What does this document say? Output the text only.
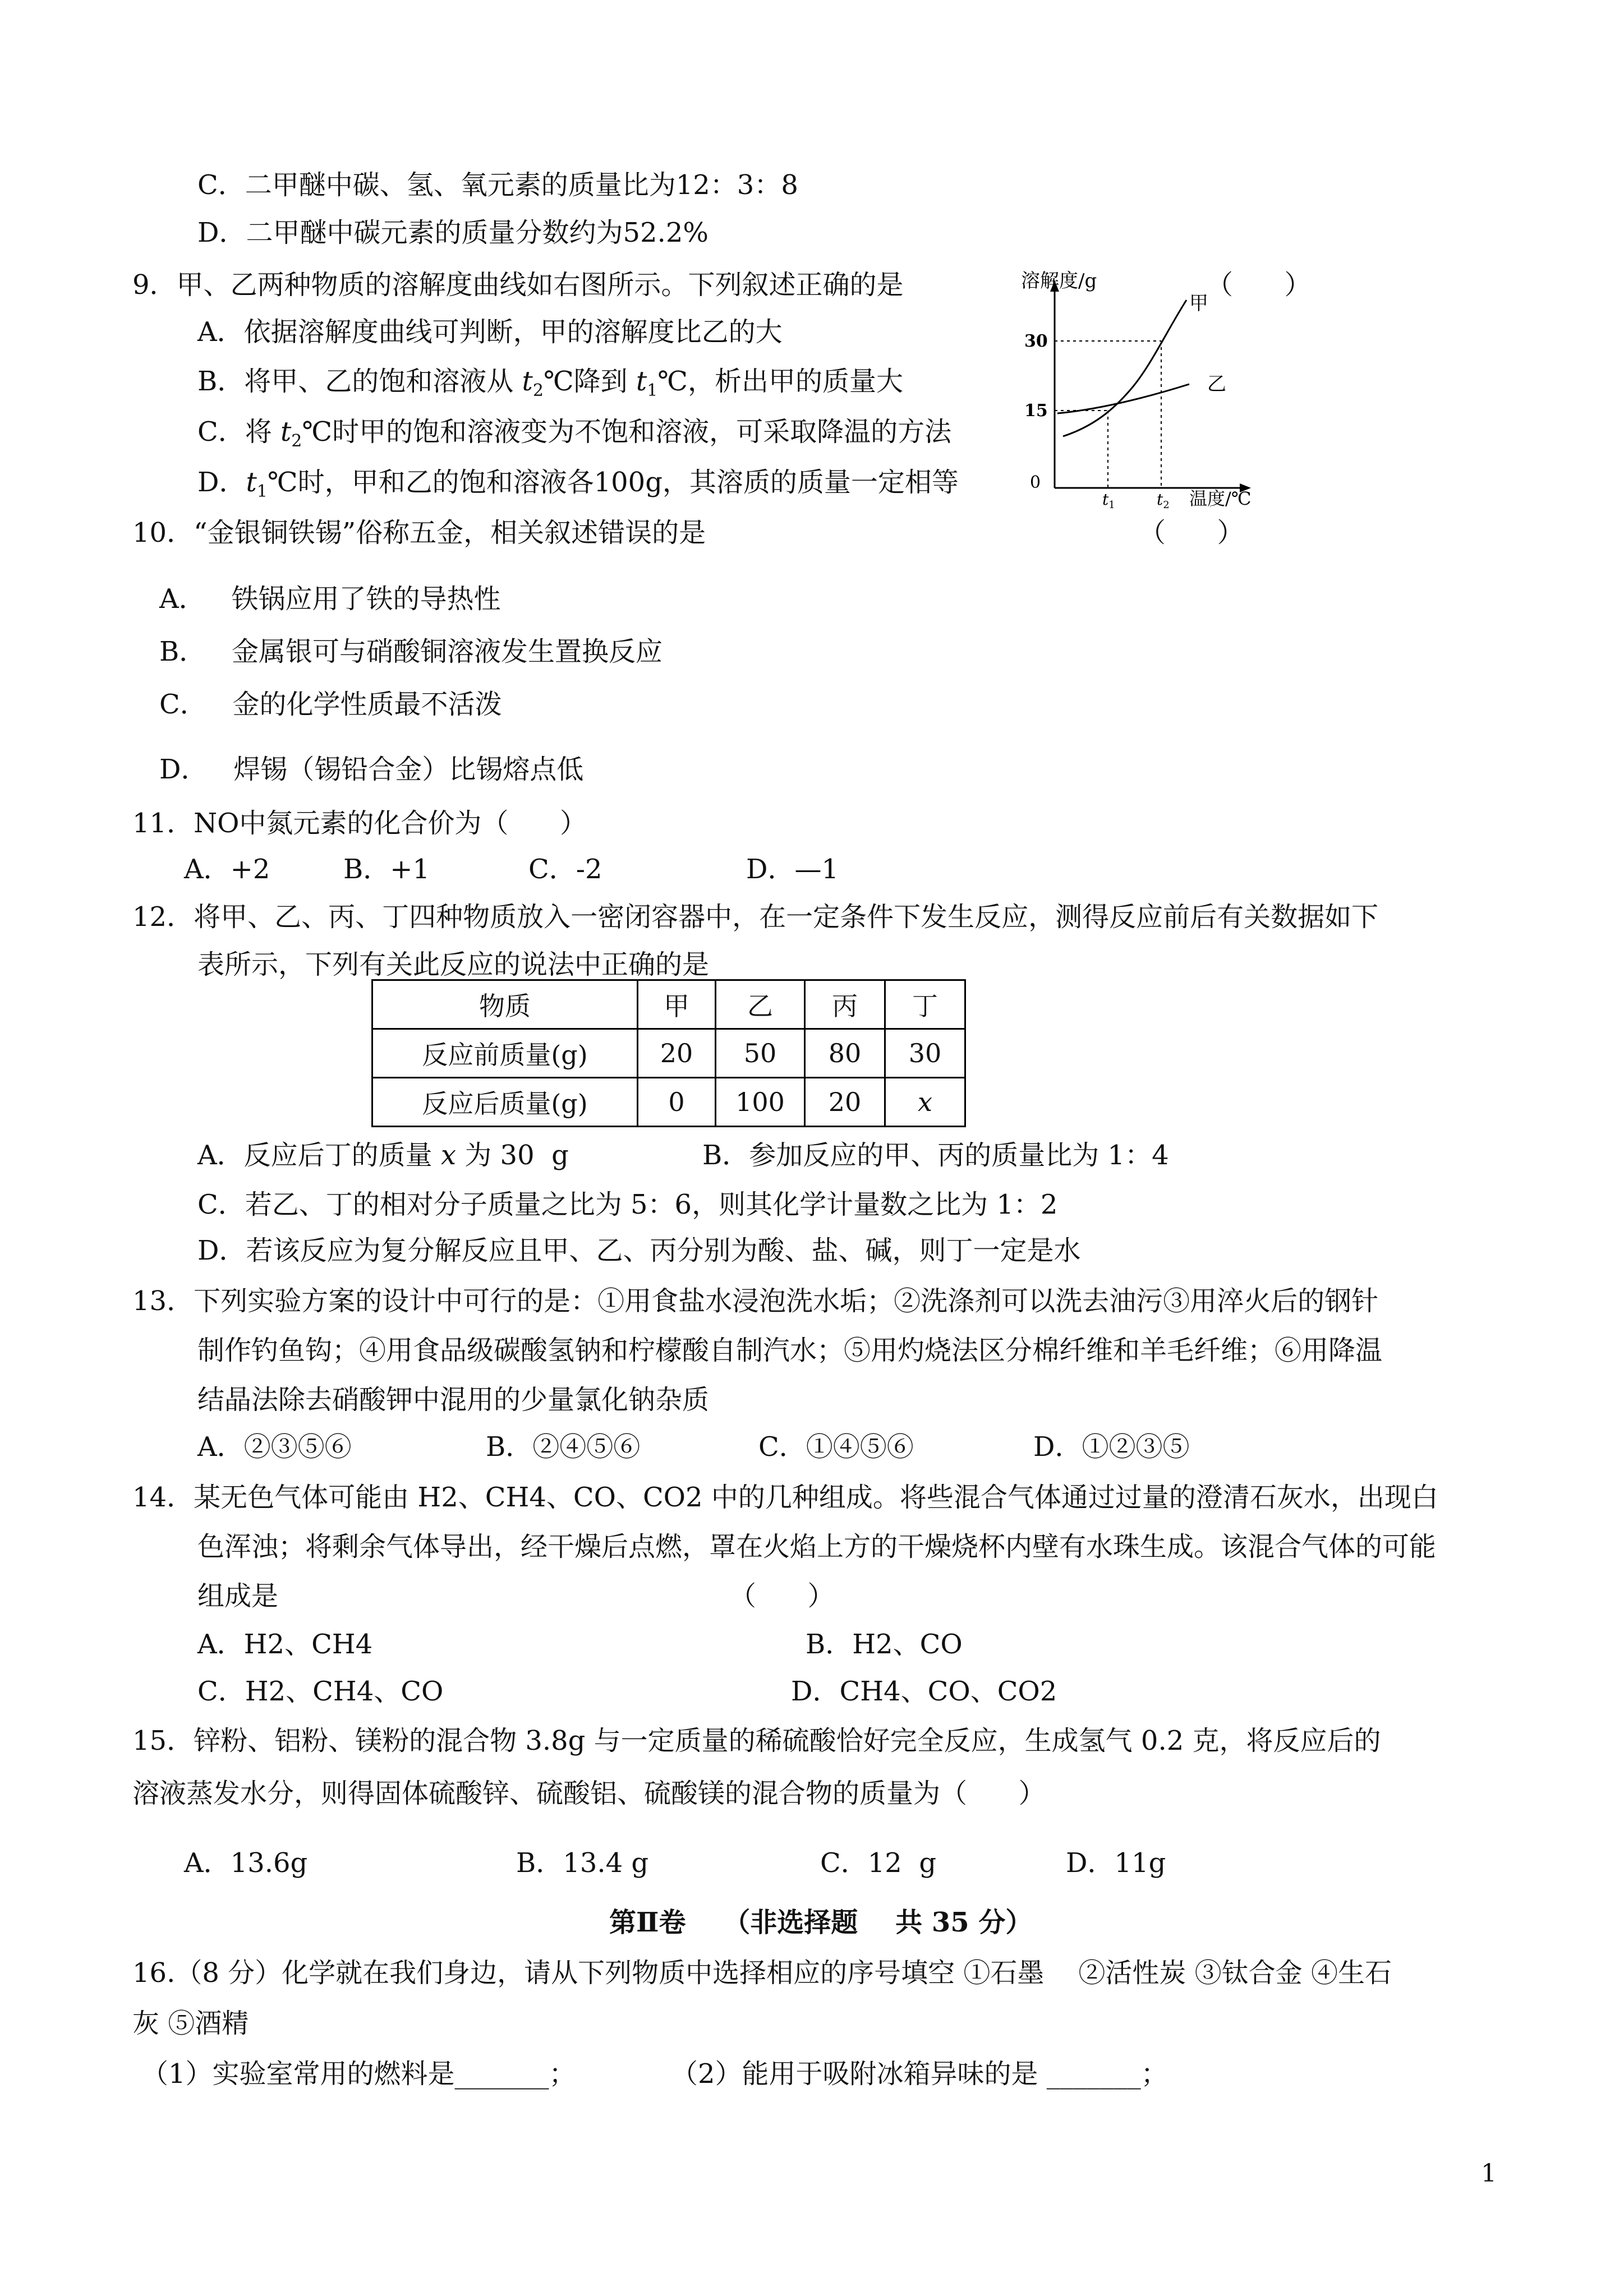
C．二甲醚中碳、氢、氧元素的质量比为12：3：8
D．二甲醚中碳元素的质量分数约为52.2%
9．甲、乙两种物质的溶解度曲线如右图所示。下列叙述正确的是	（      ）
A．依据溶解度曲线可判断，甲的溶解度比乙的大
B．将甲、乙的饱和溶液从 $t_2℃$降到 $t_1℃$，析出甲的质量大
C．将 $t_2℃$时甲的饱和溶液变为不饱和溶液，可采取降温的方法
D．$t_1℃$时，甲和乙的饱和溶液各100g，其溶质的质量一定相等
溶解度/g
温度/℃
0
30
15
甲
乙
$t_1$	$t_2$
10．“金银铜铁锡”俗称五金，相关叙述错误的是	（      ）
A．   铁锅应用了铁的导热性
B．   金属银可与硝酸铜溶液发生置换反应
C．   金的化学性质最不活泼
D．   焊锡（锡铅合金）比锡熔点低
11．NO中氮元素的化合价为（      ）
A．+2	B．+1	C．-2	D．—1
12．将甲、乙、丙、丁四种物质放入一密闭容器中，在一定条件下发生反应，测得反应前后有关数据如下
表所示，下列有关此反应的说法中正确的是
物质	甲	乙	丙	丁
反应前质量(g)	20	50	80	30
反应后质量(g)	0	100	20	x
A．反应后丁的质量 x 为 30  g	B．参加反应的甲、丙的质量比为 1：4
C．若乙、丁的相对分子质量之比为 5：6，则其化学计量数之比为 1：2
D．若该反应为复分解反应且甲、乙、丙分别为酸、盐、碱，则丁一定是水
13．下列实验方案的设计中可行的是：①用食盐水浸泡洗水垢；②洗涤剂可以洗去油污③用淬火后的钢针
制作钓鱼钩；④用食品级碳酸氢钠和柠檬酸自制汽水；⑤用灼烧法区分棉纤维和羊毛纤维；⑥用降温
结晶法除去硝酸钾中混用的少量氯化钠杂质
A．②③⑤⑥	B．②④⑤⑥	C．①④⑤⑥	D．①②③⑤
14．某无色气体可能由 H2、CH4、CO、CO2 中的几种组成。将些混合气体通过过量的澄清石灰水，出现白
色浑浊；将剩余气体导出，经干燥后点燃，罩在火焰上方的干燥烧杯内壁有水珠生成。该混合气体的可能
组成是	（      ）
A．H2、CH4	B．H2、CO
C．H2、CH4、CO	D．CH4、CO、CO2
15．锌粉、铝粉、镁粉的混合物 3.8g 与一定质量的稀硫酸恰好完全反应，生成氢气 0.2 克，将反应后的
溶液蒸发水分，则得固体硫酸锌、硫酸铝、硫酸镁的混合物的质量为（      ）
A．13.6g	B．13.4 g	C．12  g	D．11g
第Ⅱ卷    （非选择题    共 35 分）
16.（8 分）化学就在我们身边，请从下列物质中选择相应的序号填空 ①石墨    ②活性炭 ③钛合金 ④生石
灰 ⑤酒精
（1）实验室常用的燃料是_______；	（2）能用于吸附冰箱异味的是 _______；
1
